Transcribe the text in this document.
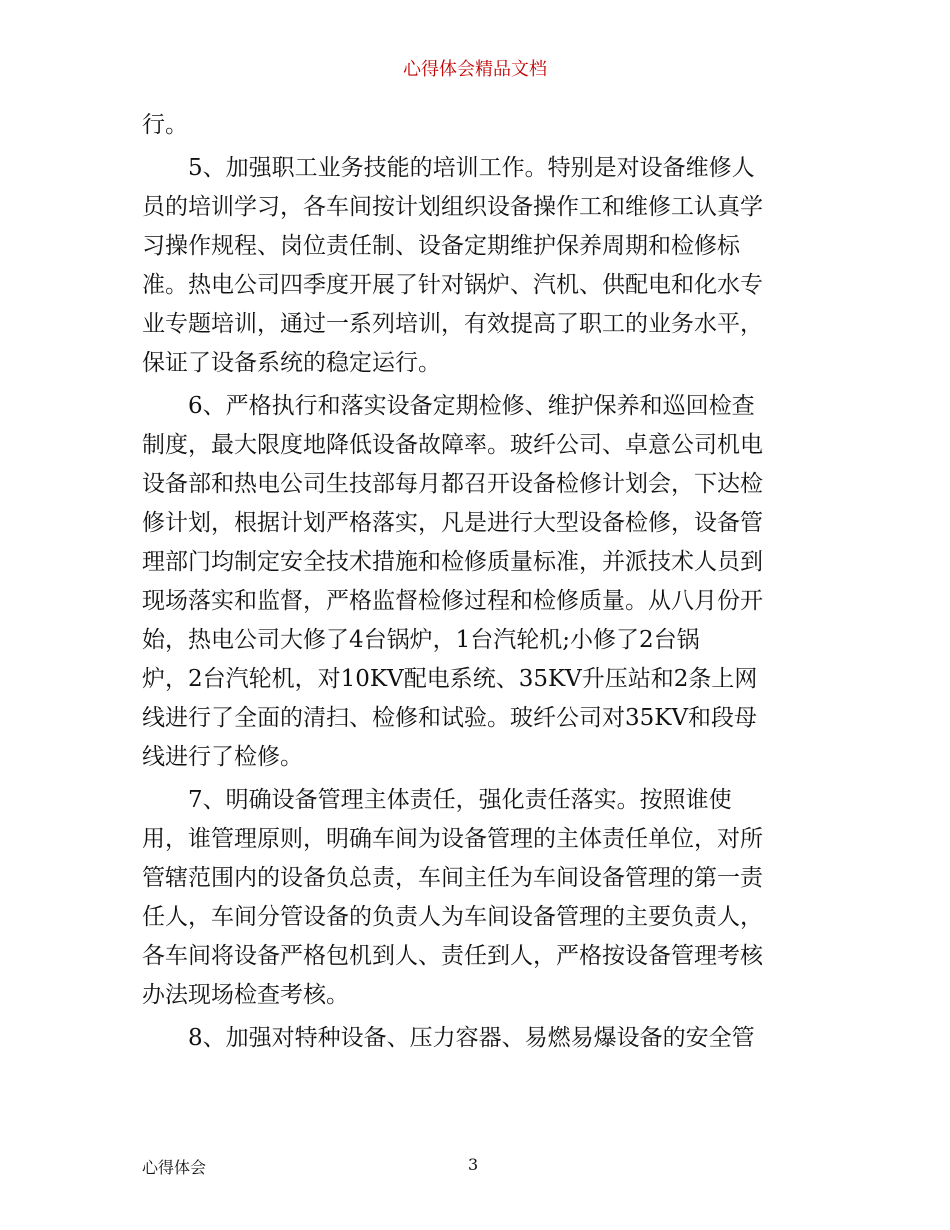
心得体会精品文档
行。
5、加强职工业务技能的培训工作。特别是对设备维修人
员的培训学习，各车间按计划组织设备操作工和维修工认真学
习操作规程、岗位责任制、设备定期维护保养周期和检修标
准。热电公司四季度开展了针对锅炉、汽机、供配电和化水专
业专题培训，通过一系列培训，有效提高了职工的业务水平，
保证了设备系统的稳定运行。
6、严格执行和落实设备定期检修、维护保养和巡回检查
制度，最大限度地降低设备故障率。玻纤公司、卓意公司机电
设备部和热电公司生技部每月都召开设备检修计划会，下达检
修计划，根据计划严格落实，凡是进行大型设备检修，设备管
理部门均制定安全技术措施和检修质量标准，并派技术人员到
现场落实和监督，严格监督检修过程和检修质量。从八月份开
始，热电公司大修了4台锅炉，1台汽轮机;小修了2台锅
炉，2台汽轮机，对10KV配电系统、35KV升压站和2条上网
线进行了全面的清扫、检修和试验。玻纤公司对35KV和段母
线进行了检修。
7、明确设备管理主体责任，强化责任落实。按照谁使
用，谁管理原则，明确车间为设备管理的主体责任单位，对所
管辖范围内的设备负总责，车间主任为车间设备管理的第一责
任人，车间分管设备的负责人为车间设备管理的主要负责人，
各车间将设备严格包机到人、责任到人，严格按设备管理考核
办法现场检查考核。
8、加强对特种设备、压力容器、易燃易爆设备的安全管
心得体会	3
